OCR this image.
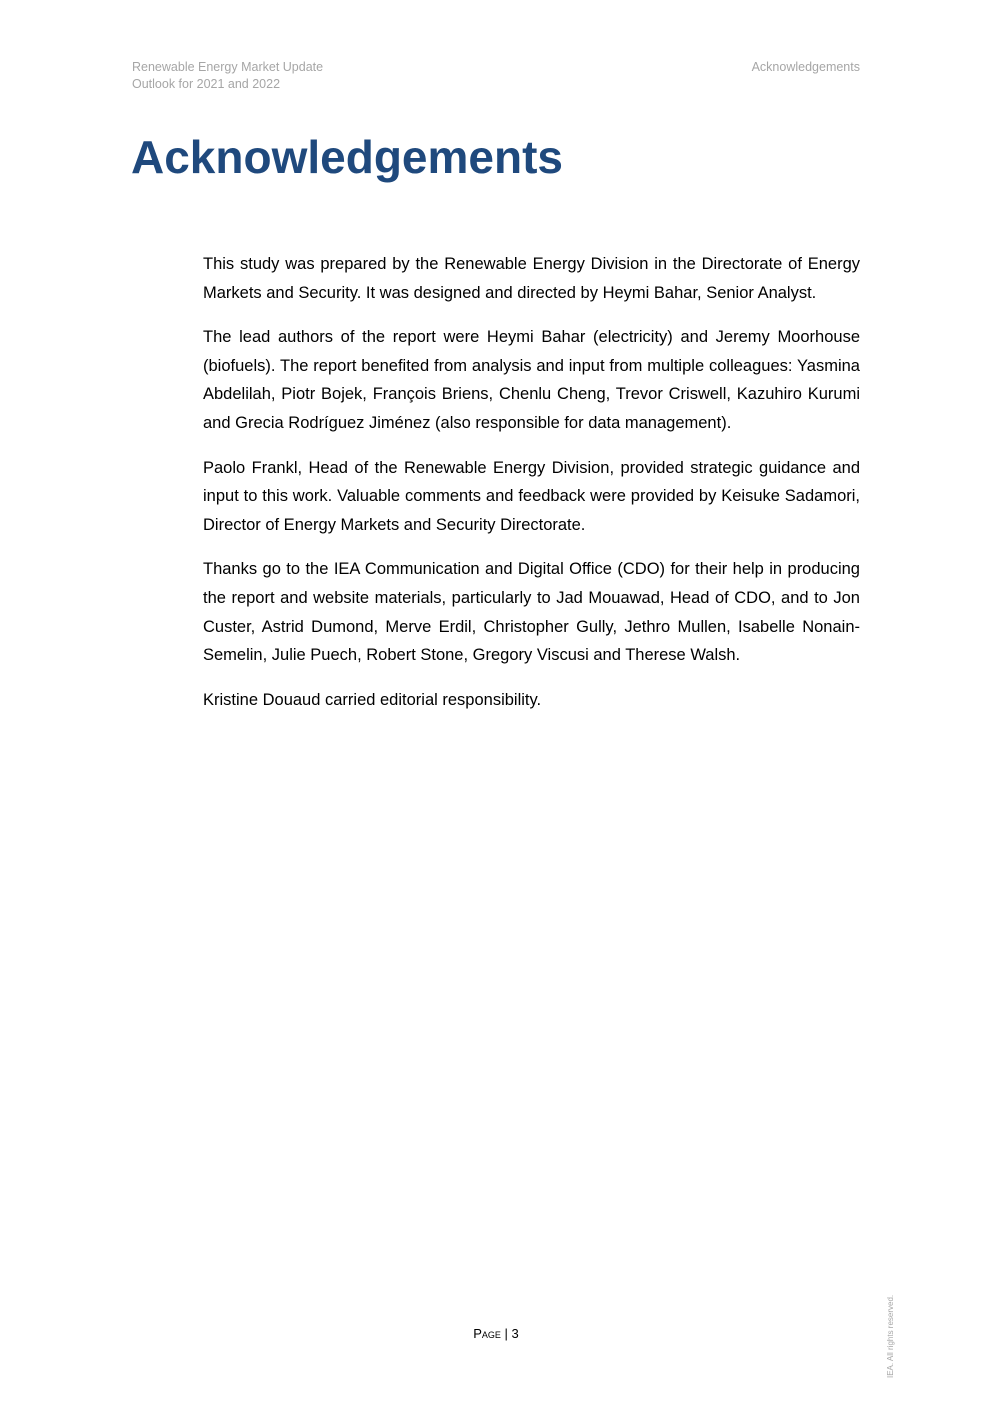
Renewable Energy Market Update
Outlook for 2021 and 2022
Acknowledgements
Acknowledgements

This study was prepared by the Renewable Energy Division in the Directorate of Energy Markets and Security. It was designed and directed by Heymi Bahar, Senior Analyst.

The lead authors of the report were Heymi Bahar (electricity) and Jeremy Moorhouse (biofuels). The report benefited from analysis and input from multiple colleagues: Yasmina Abdelilah, Piotr Bojek, François Briens, Chenlu Cheng, Trevor Criswell, Kazuhiro Kurumi and Grecia Rodríguez Jiménez (also responsible for data management).

Paolo Frankl, Head of the Renewable Energy Division, provided strategic guidance and input to this work. Valuable comments and feedback were provided by Keisuke Sadamori, Director of Energy Markets and Security Directorate.

Thanks go to the IEA Communication and Digital Office (CDO) for their help in producing the report and website materials, particularly to Jad Mouawad, Head of CDO, and to Jon Custer, Astrid Dumond, Merve Erdil, Christopher Gully, Jethro Mullen, Isabelle Nonain-Semelin, Julie Puech, Robert Stone, Gregory Viscusi and Therese Walsh.

Kristine Douaud carried editorial responsibility.

Page | 3	IEA. All rights reserved.
